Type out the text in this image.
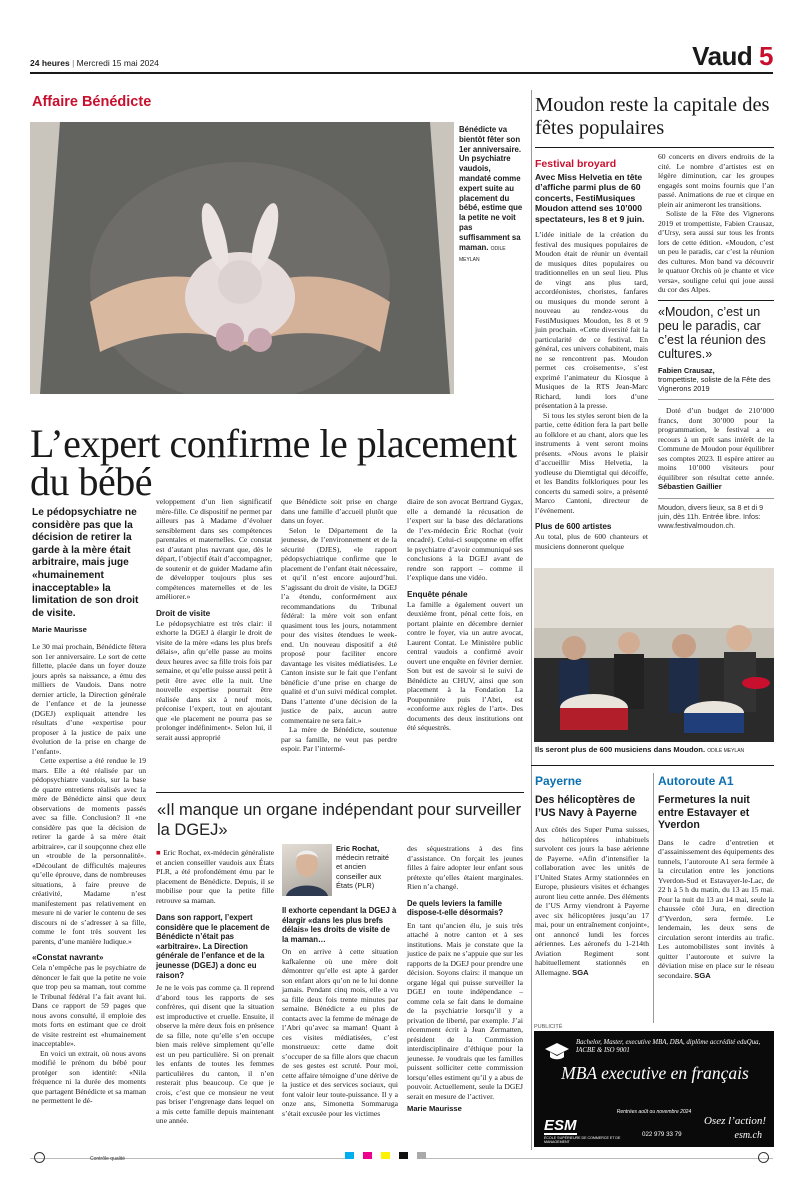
24 heures | Mercredi 15 mai 2024	Vaud 5
Affaire Bénédicte
Bénédicte va bientôt fêter son 1er anniversaire. Un psychiatre vaudois, mandaté comme expert suite au placement du bébé, estime que la petite ne voit pas suffisamment sa maman. ODILE MEYLAN
L’expert confirme le placement du bébé
Le pédopsychiatre ne considère pas que la décision de retirer la garde à la mère était arbitraire, mais juge «humainement inacceptable» la limitation de son droit de visite.
Marie Maurisse

Le 30 mai prochain, Bénédicte fêtera son 1er anniversaire. Le sort de cette fillette, placée dans un foyer douze jours après sa naissance, a ému des milliers de Vaudois. Dans notre dernier article, la Direction générale de l’enfance et de la jeunesse (DGEJ) expliquait attendre les résultats d’une «expertise pour proposer à la justice de paix une évolution de la prise en charge de l’enfant».

Cette expertise a été rendue le 19 mars. Elle a été réalisée par un pédopsychiatre vaudois, sur la base de quatre entretiens réalisés avec la mère de Bénédicte ainsi que deux observations de moments passés avec sa fille. Conclusion? Il «ne considère pas que la décision de retirer la garde à sa mère était arbitraire», car il soupçonne chez elle un «trouble de la personnalité». «Découlant de difficultés majeures qu’elle éprouve, dans de nombreuses situations, à faire preuve de créativité, Madame n’est manifestement pas relativement en mesure ni de varier le contenu de ses discours ni de s’adresser à sa fille, comme le font très souvent les parents, d’une manière ludique.»

«Constat navrant»

Cela n’empêche pas le psychiatre de dénoncer le fait que la petite ne voie que trop peu sa maman, tout comme le Tribunal fédéral l’a fait avant lui. Dans ce rapport de 59 pages que nous avons consulté, il emploie des mots forts en estimant que ce droit de visite restreint est «humainement inacceptable».

En voici un extrait, où nous avons modifié le prénom du bébé pour protéger son identité: «Nila fréquence ni la durée des moments que partagent Bénédicte et sa maman ne permettent le dé-

veloppement d’un lien significatif mère-fille. Ce dispositif ne permet par ailleurs pas à Madame d’évoluer sensiblement dans ses compétences parentales et maternelles. Ce constat est d’autant plus navrant que, dès le départ, l’objectif était d’accompagner, de soutenir et de guider Madame afin de développer toujours plus ses compétences maternelles et de les améliorer.»

Droit de visite

Le pédopsychiatre est très clair: il exhorte la DGEJ à élargir le droit de visite de la mère «dans les plus brefs délais», afin qu’elle passe au moins deux heures avec sa fille trois fois par semaine, et qu’elle puisse aussi petit à petit être avec elle la nuit. Une nouvelle expertise pourrait être réalisée dans six à neuf mois, préconise l’expert, tout en ajoutant que «le placement ne pourra pas se prolonger indéfiniment». Selon lui, il serait aussi approprié

que Bénédicte soit prise en charge dans une famille d’accueil plutôt que dans un foyer.

Selon le Département de la jeunesse, de l’environnement et de la sécurité (DJES), «le rapport pédopsychiatrique confirme que le placement de l’enfant était nécessaire, et qu’il n’est encore aujourd’hui. S’agissant du droit de visite, la DGEJ l’a étendu, conformément aux recommandations du Tribunal fédéral: la mère voit son enfant quasiment tous les jours, notamment pour des visites étendues le week-end. Un nouveau dispositif a été proposé pour faciliter encore davantage les visites médiatisées. Le Canton insiste sur le fait que l’enfant bénéficie d’une prise en charge de qualité et d’un suivi médical complet. Dans l’attente d’une décision de la justice de paix, aucun autre commentaire ne sera fait.»

La mère de Bénédicte, soutenue par sa famille, ne veut pas perdre espoir. Par l’intermé-

diaire de son avocat Bertrand Gygax, elle a demandé la récusation de l’expert sur la base des déclarations de l’ex-médecin Éric Rochat (voir encadré). Celui-ci soupçonne en effet le psychiatre d’avoir communiqué ses conclusions à la DGEJ avant de rendre son rapport – comme il l’explique dans une vidéo.

Enquête pénale

La famille a également ouvert un deuxième front, pénal cette fois, en portant plainte en décembre dernier contre le foyer, via un autre avocat, Laurent Contat. Le Ministère public central vaudois a confirmé avoir ouvert une enquête en février dernier. Son but est de savoir si le suivi de Bénédicte au CHUV, ainsi que son placement à la Fondation La Pouponnière puis l’Abri, est «conforme aux règles de l’art». Des documents des deux institutions ont été séquestrés.

«Il manque un organe indépendant pour surveiller la DGEJ»

■ Eric Rochat, ex-médecin généraliste et ancien conseiller vaudois aux États PLR, a été profondément ému par le placement de Bénédicte. Depuis, il se mobilise pour que la petite fille retrouve sa maman.

Dans son rapport, l’expert considère que le placement de Bénédicte n’était pas «arbitraire». La Direction générale de l’enfance et de la jeunesse (DGEJ) a donc eu raison?

Je ne le vois pas comme ça. Il reprend d’abord tous les rapports de ses confrères, qui disent que la situation est improductive et cruelle. Ensuite, il observe la mère deux fois en présence de sa fille, note qu’elle s’en occupe bien mais relève simplement qu’elle est un peu particulière. Si on prenait les enfants de toutes les femmes particulières du canton, il n’en resterait plus beaucoup. Ce que je crois, c’est que ce monsieur ne veut pas briser l’engrenage dans lequel on a mis cette famille depuis maintenant une année.

Eric Rochat,
médecin retraité et ancien conseiller aux États (PLR)
Il exhorte cependant la DGEJ à élargir «dans les plus brefs délais» les droits de visite de la maman…

On en arrive à cette situation kafkaïenne où une mère doit démontrer qu’elle est apte à garder son enfant alors qu’on ne le lui donne jamais. Pendant cinq mois, elle a vu sa fille deux fois trente minutes par semaine. Bénédicte a eu plus de contacts avec la femme de ménage de l’Abri qu’avec sa maman! Quant à ces visites médiatisées, c’est monstrueux: cette dame doit s’occuper de sa fille alors que chacun de ses gestes est scruté. Pour moi, cette affaire témoigne d’une dérive de la justice et des services sociaux, qui font valoir leur toute-puissance. Il y a onze ans, Simonetta Sommaruga s’était excusée pour les victimes

des séquestrations à des fins d’assistance. On forçait les jeunes filles à faire adopter leur enfant sous prétexte qu’elles étaient marginales. Rien n’a changé.

De quels leviers la famille dispose-t-elle désormais?

En tant qu’ancien élu, je suis très attaché à notre canton et à ses institutions. Mais je constate que la justice de paix ne s’appuie que sur les rapports de la DGEJ pour prendre une décision. Soyons clairs: il manque un organe légal qui puisse surveiller la DGEJ en toute indépendance – comme cela se fait dans le domaine de la psychiatrie lorsqu’il y a privation de liberté, par exemple. J’ai récemment écrit à Jean Zermatten, président de la Commission interdisciplinaire d’éthique pour la jeunesse. Je voudrais que les familles puissent solliciter cette commission lorsqu’elles estiment qu’il y a abus de pouvoir. Actuellement, seule la DGEJ serait en mesure de l’activer.

Marie Maurisse
Moudon reste la capitale des fêtes populaires
Festival broyard
Avec Miss Helvetia en tête d’affiche parmi plus de 60 concerts, FestiMusiques Moudon attend ses 10’000 spectateurs, les 8 et 9 juin.

L’idée initiale de la création du festival des musiques populaires de Moudon était de réunir un éventail de musiques dites populaires ou traditionnelles en un seul lieu. Plus de vingt ans plus tard, accordéonistes, choristes, fanfares ou musiques du monde seront à nouveau au rendez-vous du FestiMusiques Moudon, les 8 et 9 juin prochain. «Cette diversité fait la particularité de ce festival. En général, ces univers cohabitent, mais ne se rencontrent pas. Moudon permet ces croisements», s’est exprimé l’animateur du Kiosque à Musiques de la RTS Jean-Marc Richard, lundi lors d’une présentation à la presse.

Si tous les styles seront bien de la partie, cette édition fera la part belle au folklore et au chant, alors que les instruments à vent seront moins présents. «Nous avons le plaisir d’accueillir Miss Helvetia, la yodleuse du Diemtigtal qui décoiffe, et les Bandits folkloriques pour les concerts du samedi soir», a présenté Marco Cantoni, directeur de l’événement.

Plus de 600 artistes

Au total, plus de 600 chanteurs et musiciens donneront quelque

60 concerts en divers endroits de la cité. Le nombre d’artistes est en légère diminution, car les groupes engagés sont moins fournis que l’an passé. Animations de rue et cirque en plein air animeront les transitions.

Soliste de la Fête des Vignerons 2019 et trompettiste, Fabien Crausaz, d’Ursy, sera aussi sur tous les fronts lors de cette édition. «Moudon, c’est un peu le paradis, car c’est la réunion des cultures. Mon band va découvrir le quatuor Orchis où je chante et vice versa», souligne celui qui joue aussi du cor des Alpes.

«Moudon, c’est un peu le paradis, car c’est la réunion des cultures.»
Fabien Crausaz,
trompettiste, soliste de la Fête des Vignerons 2019

Doté d’un budget de 210’000 francs, dont 30’000 pour la programmation, le festival a eu recours à un prêt sans intérêt de la Commune de Moudon pour équilibrer ses comptes 2023. Il espère attirer au moins 10’000 visiteurs pour équilibrer son résultat cette année. Sébastien Gaillier

Moudon, divers lieux, sa 8 et di 9 juin, dès 11h. Entrée libre. Infos: www.festivalmoudon.ch.
Ils seront plus de 600 musiciens dans Moudon. ODILE MEYLAN
Payerne
Des hélicoptères de l’US Navy à Payerne

Aux côtés des Super Puma suisses, des hélicoptères inhabituels survolent ces jours la base aérienne de Payerne. «Afin d’intensifier la collaboration avec les unités de l’United States Army stationnées en Europe, plusieurs visites et échanges auront lieu cette année. Des éléments de l’US Army viendront à Payerne avec six hélicoptères jusqu’au 17 mai, pour un entraînement conjoint», ont annoncé lundi les forces aériennes. Les aéronefs du 1-214th Aviation Regiment sont habituellement stationnés en Allemagne. SGA

Autoroute A1
Fermetures la nuit entre Estavayer et Yverdon

Dans le cadre d’entretien et d’assainissement des équipements des tunnels, l’autoroute A1 sera fermée à la circulation entre les jonctions Yverdon-Sud et Estavayer-le-Lac, de 22 h à 5 h du matin, du 13 au 15 mai. Pour la nuit du 13 au 14 mai, seule la chaussée côté Jura, en direction d’Yverdon, sera fermée. Le lendemain, les deux sens de circulation seront interdits au trafic. Les automobilistes sont invités à quitter l’autoroute et suivre la déviation mise en place sur le réseau secondaire. SGA

PUBLICITÉ
Bachelor, Master, executive MBA, DBA, diplôme accrédité eduQua, IACBE & ISO 9001
MBA executive en français
Rentrées août ou novembre 2024
ESM
ÉCOLE SUPÉRIEURE DE COMMERCE ET DE MANAGEMENT
022 979 33 79
Osez l’action!
esm.ch
Contrôle qualité
